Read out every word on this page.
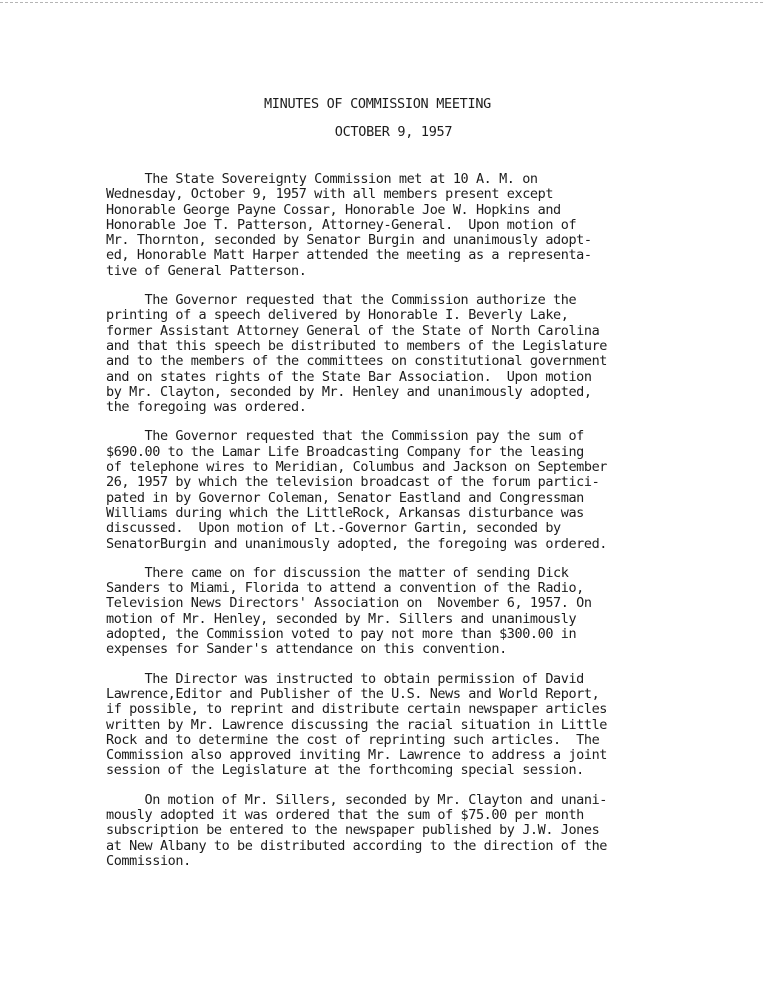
MINUTES OF COMMISSION MEETING
OCTOBER 9, 1957
The State Sovereignty Commission met at 10 A. M. on
Wednesday, October 9, 1957 with all members present except
Honorable George Payne Cossar, Honorable Joe W. Hopkins and
Honorable Joe T. Patterson, Attorney-General.  Upon motion of
Mr. Thornton, seconded by Senator Burgin and unanimously adopt-
ed, Honorable Matt Harper attended the meeting as a representa-
tive of General Patterson.
The Governor requested that the Commission authorize the
printing of a speech delivered by Honorable I. Beverly Lake,
former Assistant Attorney General of the State of North Carolina
and that this speech be distributed to members of the Legislature
and to the members of the committees on constitutional government
and on states rights of the State Bar Association.  Upon motion
by Mr. Clayton, seconded by Mr. Henley and unanimously adopted,
the foregoing was ordered.
The Governor requested that the Commission pay the sum of
$690.00 to the Lamar Life Broadcasting Company for the leasing
of telephone wires to Meridian, Columbus and Jackson on September
26, 1957 by which the television broadcast of the forum partici-
pated in by Governor Coleman, Senator Eastland and Congressman
Williams during which the LittleRock, Arkansas disturbance was
discussed.  Upon motion of Lt.-Governor Gartin, seconded by
SenatorBurgin and unanimously adopted, the foregoing was ordered.
There came on for discussion the matter of sending Dick
Sanders to Miami, Florida to attend a convention of the Radio,
Television News Directors' Association on  November 6, 1957. On
motion of Mr. Henley, seconded by Mr. Sillers and unanimously
adopted, the Commission voted to pay not more than $300.00 in
expenses for Sander's attendance on this convention.
The Director was instructed to obtain permission of David
Lawrence,Editor and Publisher of the U.S. News and World Report,
if possible, to reprint and distribute certain newspaper articles
written by Mr. Lawrence discussing the racial situation in Little
Rock and to determine the cost of reprinting such articles.  The
Commission also approved inviting Mr. Lawrence to address a joint
session of the Legislature at the forthcoming special session.
On motion of Mr. Sillers, seconded by Mr. Clayton and unani-
mously adopted it was ordered that the sum of $75.00 per month
subscription be entered to the newspaper published by J.W. Jones
at New Albany to be distributed according to the direction of the
Commission.
